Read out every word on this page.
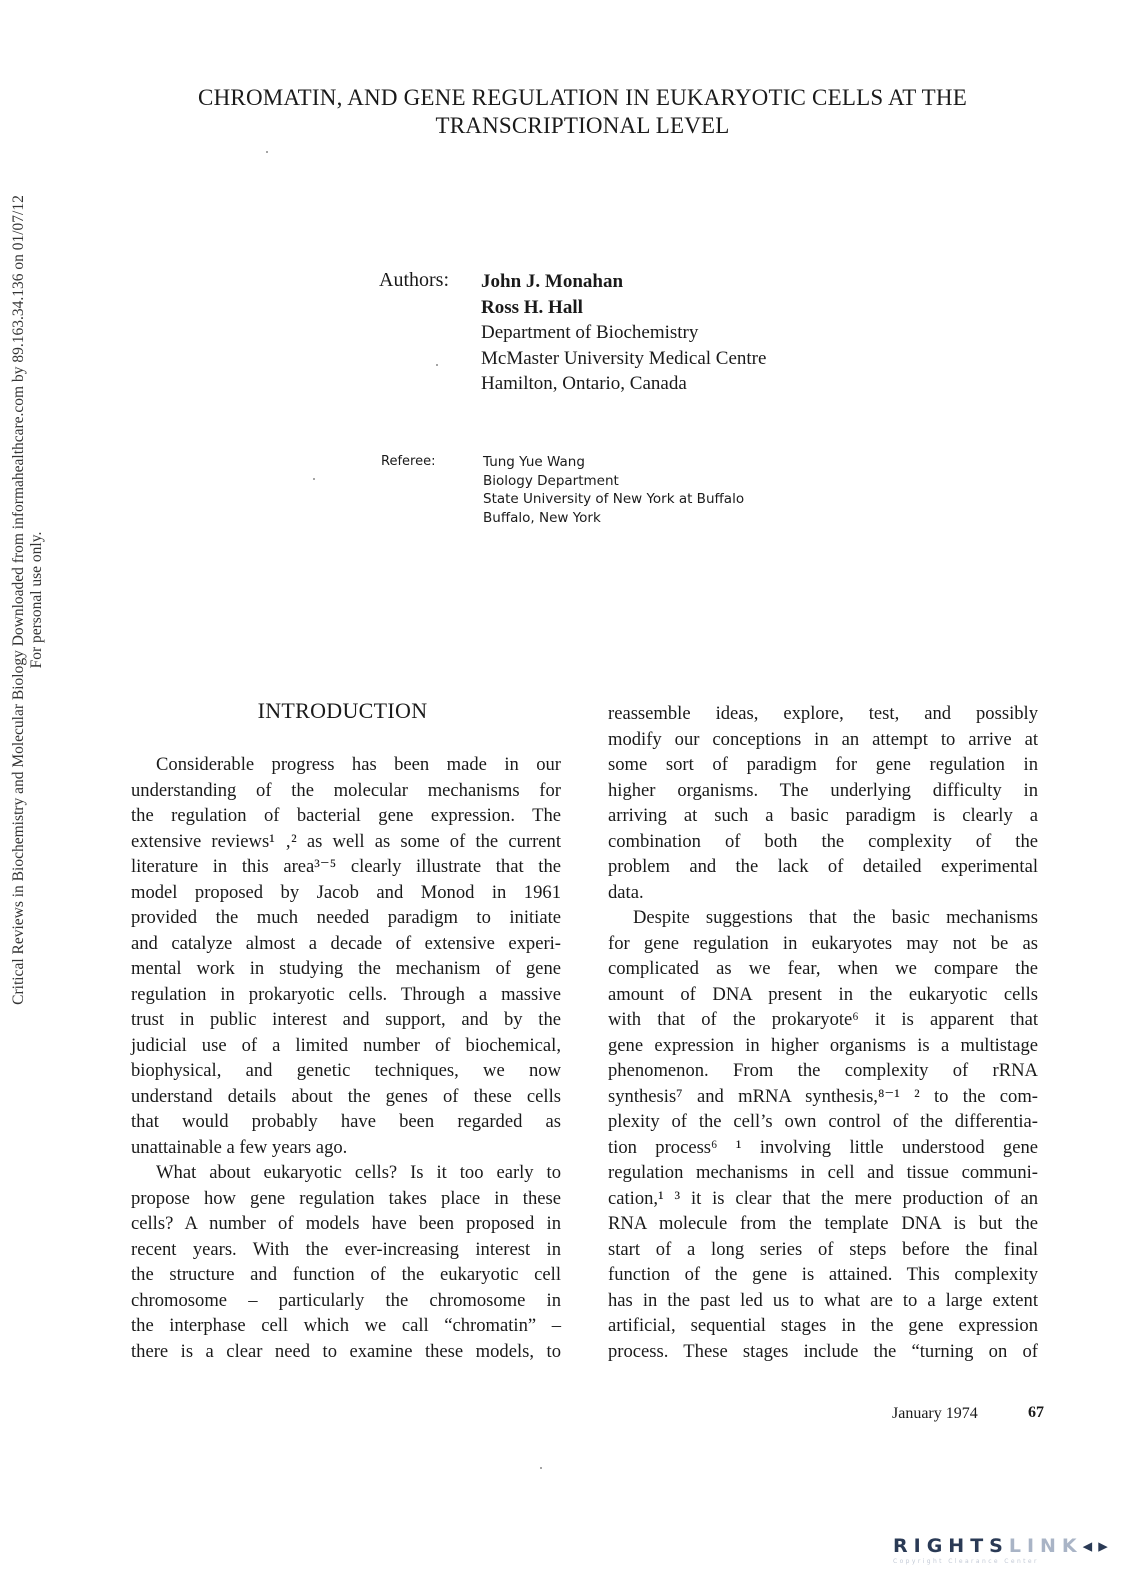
CHROMATIN, AND GENE REGULATION IN EUKARYOTIC CELLS AT THE
TRANSCRIPTIONAL LEVEL
Authors: John J. Monahan
Ross H. Hall
Department of Biochemistry
McMaster University Medical Centre
Hamilton, Ontario, Canada
Referee:	Tung Yue Wang
Biology Department
State University of New York at Buffalo
Buffalo, New York
Critical Reviews in Biochemistry and Molecular Biology Downloaded from informahealthcare.com by 89.163.34.136 on 01/07/12 For personal use only.
INTRODUCTION
Considerable progress has been made in our
understanding of the molecular mechanisms for
the regulation of bacterial gene expression. The
extensive reviews¹ ‚² as well as some of the current
literature in this area³⁻⁵ clearly illustrate that the
model proposed by Jacob and Monod in 1961
provided the much needed paradigm to initiate
and catalyze almost a decade of extensive experi-
mental work in studying the mechanism of gene
regulation in prokaryotic cells. Through a massive
trust in public interest and support, and by the
judicial use of a limited number of biochemical,
biophysical, and genetic techniques, we now
understand details about the genes of these cells
that would probably have been regarded as
unattainable a few years ago.
What about eukaryotic cells? Is it too early to
propose how gene regulation takes place in these
cells? A number of models have been proposed in
recent years. With the ever-increasing interest in
the structure and function of the eukaryotic cell
chromosome – particularly the chromosome in
the interphase cell which we call “chromatin” –
there is a clear need to examine these models, to
reassemble ideas, explore, test, and possibly
modify our conceptions in an attempt to arrive at
some sort of paradigm for gene regulation in
higher organisms. The underlying difficulty in
arriving at such a basic paradigm is clearly a
combination of both the complexity of the
problem and the lack of detailed experimental
data.
Despite suggestions that the basic mechanisms
for gene regulation in eukaryotes may not be as
complicated as we fear, when we compare the
amount of DNA present in the eukaryotic cells
with that of the prokaryote⁶ it is apparent that
gene expression in higher organisms is a multistage
phenomenon. From the complexity of rRNA
synthesis⁷ and mRNA synthesis,⁸⁻¹ ² to the com-
plexity of the cell’s own control of the differentia-
tion process⁶ ¹ involving little understood gene
regulation mechanisms in cell and tissue communi-
cation,¹ ³ it is clear that the mere production of an
RNA molecule from the template DNA is but the
start of a long series of steps before the final
function of the gene is attained. This complexity
has in the past led us to what are to a large extent
artificial, sequential stages in the gene expression
process. These stages include the “turning on of
January 1974	67
RIGHTSLINK◂▸
Copyright Clearance Center
